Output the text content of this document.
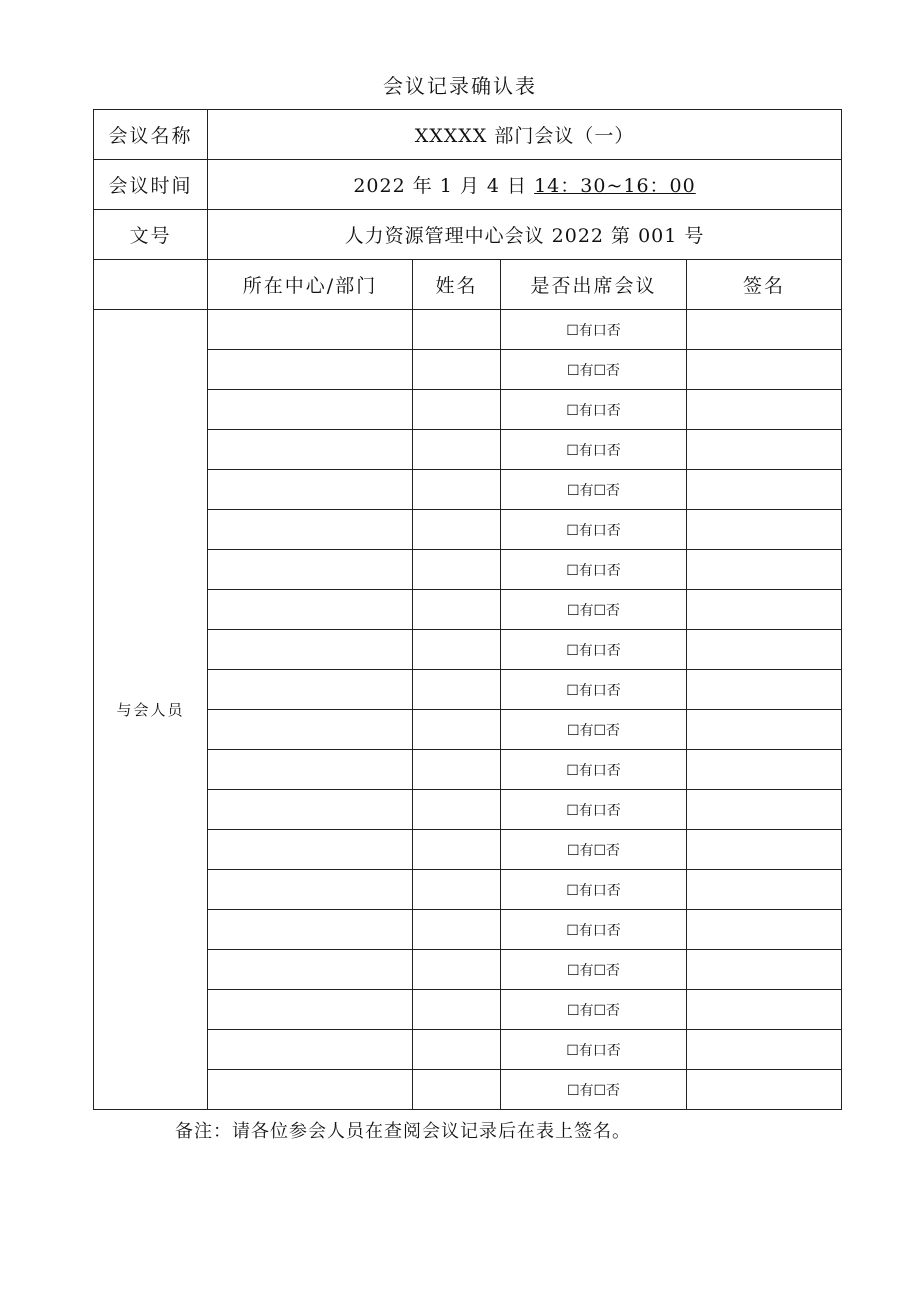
会议记录确认表
会议名称	XXXXX 部门会议（一）			
会议时间	2022 年 1 月 4 日 14：30~16：00			
文号	人力资源管理中心会议 2022 第 001 号			
	所在中心/部门	姓名	是否出席会议	签名
与会人员			☐有口否	
			☐有☐否	
			☐有口否	
			☐有口否	
			☐有☐否	
			☐有口否	
			☐有口否	
			☐有☐否	
			☐有口否	
			☐有口否	
			☐有☐否	
			☐有口否	
			☐有口否	
			☐有☐否	
			☐有口否	
			☐有口否	
			☐有☐否	
			☐有☐否	
			☐有口否	
			☐有☐否	
备注：请各位参会人员在查阅会议记录后在表上签名。
